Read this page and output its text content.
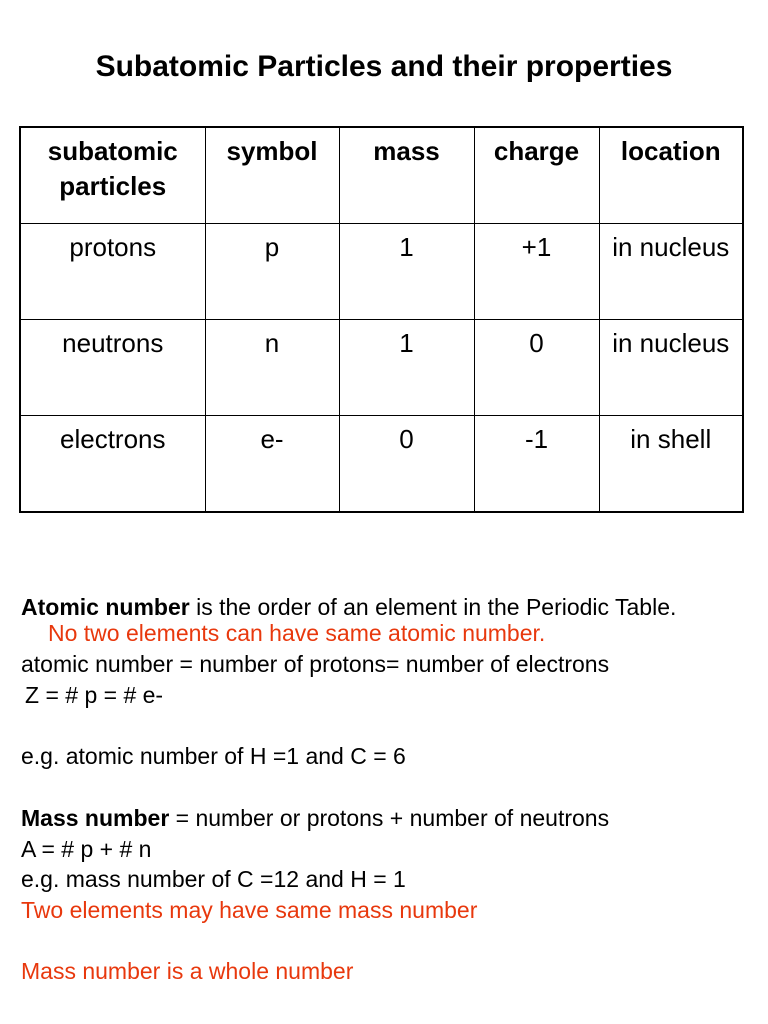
Subatomic Particles and their properties
subatomic particles	symbol	mass	charge	location
protons	p	1	+1	in nucleus
neutrons	n	1	0	in nucleus
electrons	e-	0	-1	in shell
Atomic number is the order of an element in the Periodic Table.
No two elements can have same atomic number.
atomic number = number of protons= number of electrons
Z = # p = # e-
e.g. atomic number of H =1 and C = 6
Mass number = number or protons + number of neutrons
A = # p + # n
e.g. mass number of C =12 and H = 1
Two elements may have same mass number
Mass number is a whole number
